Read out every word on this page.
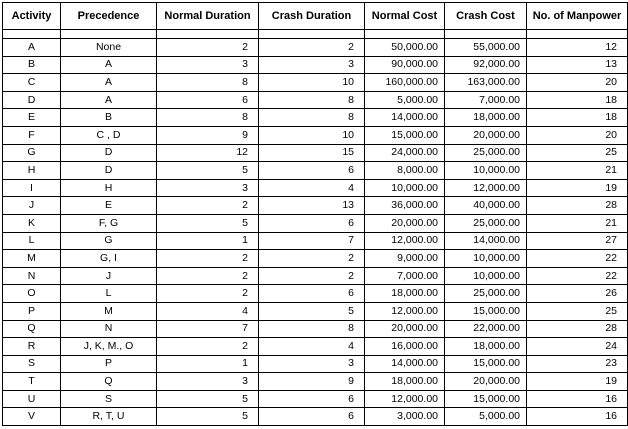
Activity	Precedence	Normal Duration	Crash Duration	Normal Cost	Crash Cost	No. of Manpower

A	None	2	2	50,000.00	55,000.00	12
B	A	3	3	90,000.00	92,000.00	13
C	A	8	10	160,000.00	163,000.00	20
D	A	6	8	5,000.00	7,000.00	18
E	B	8	8	14,000.00	18,000.00	18
F	C , D	9	10	15,000.00	20,000.00	20
G	D	12	15	24,000.00	25,000.00	25
H	D	5	6	8,000.00	10,000.00	21
I	H	3	4	10,000.00	12,000.00	19
J	E	2	13	36,000.00	40,000.00	28
K	F, G	5	6	20,000.00	25,000.00	21
L	G	1	7	12,000.00	14,000.00	27
M	G, I	2	2	9,000.00	10,000.00	22
N	J	2	2	7,000.00	10,000.00	22
O	L	2	6	18,000.00	25,000.00	26
P	M	4	5	12,000.00	15,000.00	25
Q	N	7	8	20,000.00	22,000.00	28
R	J, K, M., O	2	4	16,000.00	18,000.00	24
S	P	1	3	14,000.00	15,000.00	23
T	Q	3	9	18,000.00	20,000.00	19
U	S	5	6	12,000.00	15,000.00	16
V	R, T, U	5	6	3,000.00	5,000.00	16
